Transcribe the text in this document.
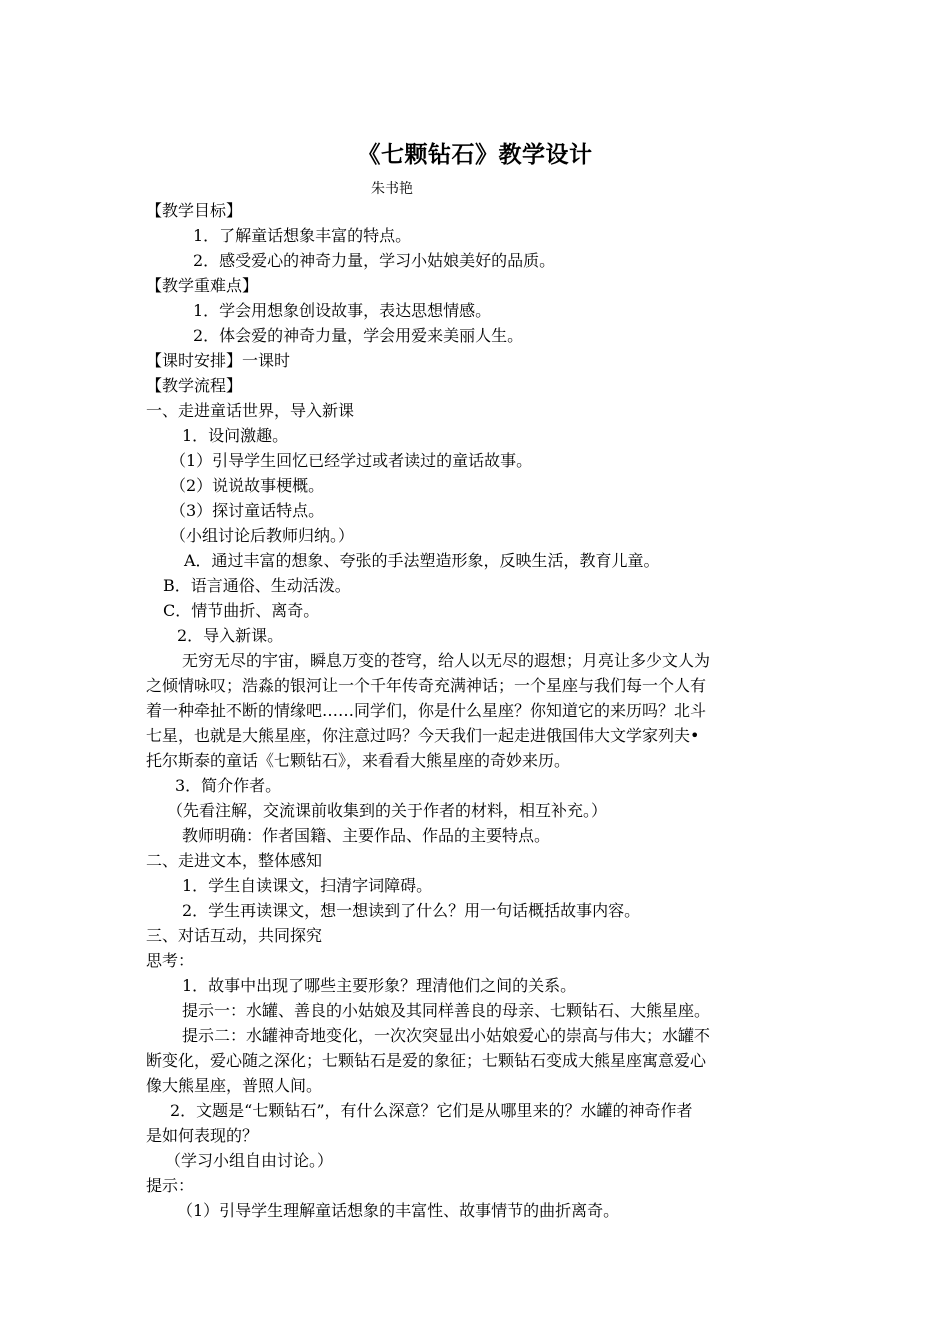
《七颗钻石》教学设计
朱书艳
【教学目标】
1．了解童话想象丰富的特点。
2．感受爱心的神奇力量，学习小姑娘美好的品质。
【教学重难点】
1．学会用想象创设故事，表达思想情感。
2．体会爱的神奇力量，学会用爱来美丽人生。
【课时安排】一课时
【教学流程】
一、走进童话世界，导入新课
1．设问激趣。
（1）引导学生回忆已经学过或者读过的童话故事。
（2）说说故事梗概。
（3）探讨童话特点。
（小组讨论后教师归纳。）
A．通过丰富的想象、夸张的手法塑造形象，反映生活，教育儿童。
B．语言通俗、生动活泼。
C．情节曲折、离奇。
2．导入新课。
无穷无尽的宇宙，瞬息万变的苍穹，给人以无尽的遐想；月亮让多少文人为
之倾情咏叹；浩淼的银河让一个千年传奇充满神话；一个星座与我们每一个人有
着一种牵扯不断的情缘吧……同学们，你是什么星座？你知道它的来历吗？北斗
七星，也就是大熊星座，你注意过吗？今天我们一起走进俄国伟大文学家列夫•
托尔斯泰的童话《七颗钻石》，来看看大熊星座的奇妙来历。
3．简介作者。
（先看注解，交流课前收集到的关于作者的材料，相互补充。）
教师明确：作者国籍、主要作品、作品的主要特点。
二、走进文本，整体感知
1．学生自读课文，扫清字词障碍。
2．学生再读课文，想一想读到了什么？用一句话概括故事内容。
三、对话互动，共同探究
思考：
1．故事中出现了哪些主要形象？理清他们之间的关系。
提示一：水罐、善良的小姑娘及其同样善良的母亲、七颗钻石、大熊星座。
提示二：水罐神奇地变化，一次次突显出小姑娘爱心的崇高与伟大；水罐不
断变化，爱心随之深化；七颗钻石是爱的象征；七颗钻石变成大熊星座寓意爱心
像大熊星座，普照人间。
2．文题是“七颗钻石”，有什么深意？它们是从哪里来的？水罐的神奇作者
是如何表现的？
（学习小组自由讨论。）
提示：
（1）引导学生理解童话想象的丰富性、故事情节的曲折离奇。
